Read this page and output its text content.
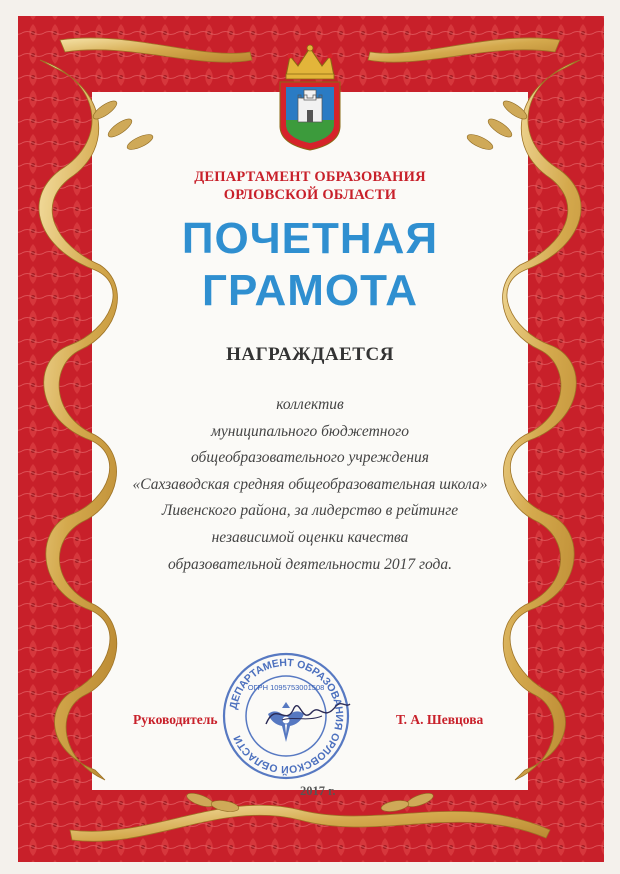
ДЕПАРТАМЕНТ ОБРАЗОВАНИЯ
ОРЛОВСКОЙ ОБЛАСТИ
ПОЧЕТНАЯ
ГРАМОТА
НАГРАЖДАЕТСЯ
коллектив
муниципального бюджетного
общеобразовательного учреждения
«Сахзаводская средняя общеобразовательная школа»
Ливенского района, за лидерство в рейтинге
независимой оценки качества
образовательной деятельности 2017 года.
ДЕПАРТАМЕНТ ОБРАЗОВАНИЯ ОРЛОВСКОЙ ОБЛАСТИ
ОГРН 1095753001508
Руководитель	Т. А. Шевцова
2017 г.
